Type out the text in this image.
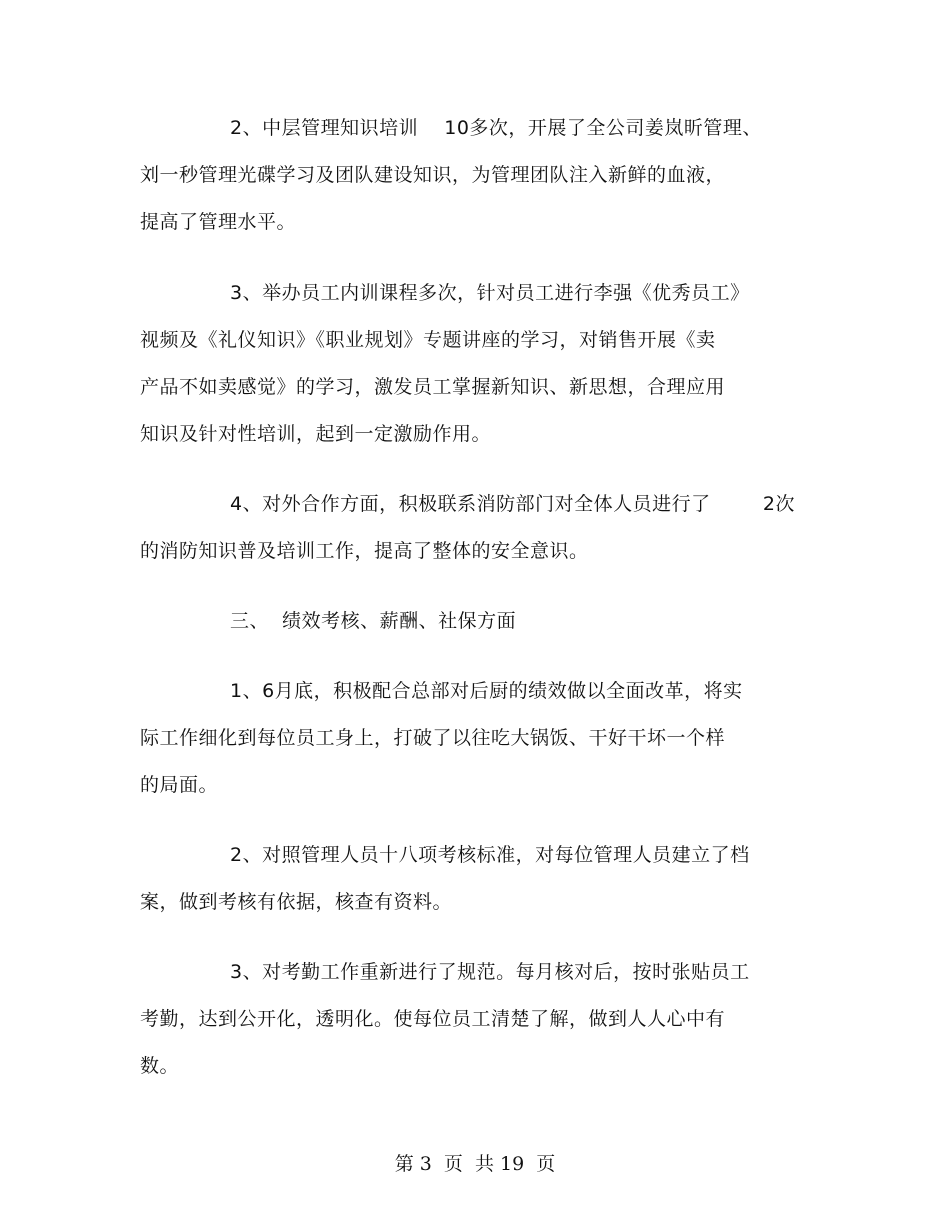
2、中层管理知识培训    10多次，开展了全公司姜岚昕管理、
刘一秒管理光碟学习及团队建设知识，为管理团队注入新鲜的血液，
提高了管理水平。
3、举办员工内训课程多次，针对员工进行李强《优秀员工》
视频及《礼仪知识》《职业规划》专题讲座的学习，对销售开展《卖
产品不如卖感觉》的学习，激发员工掌握新知识、新思想，合理应用
知识及针对性培训，起到一定激励作用。
4、对外合作方面，积极联系消防部门对全体人员进行了        2次
的消防知识普及培训工作，提高了整体的安全意识。
三、  绩效考核、薪酬、社保方面
1、6月底，积极配合总部对后厨的绩效做以全面改革，将实
际工作细化到每位员工身上，打破了以往吃大锅饭、干好干坏一个样
的局面。
2、对照管理人员十八项考核标准，对每位管理人员建立了档
案，做到考核有依据，核查有资料。
3、对考勤工作重新进行了规范。每月核对后，按时张贴员工
考勤，达到公开化，透明化。使每位员工清楚了解，做到人人心中有
数。
第 3  页  共 19  页
